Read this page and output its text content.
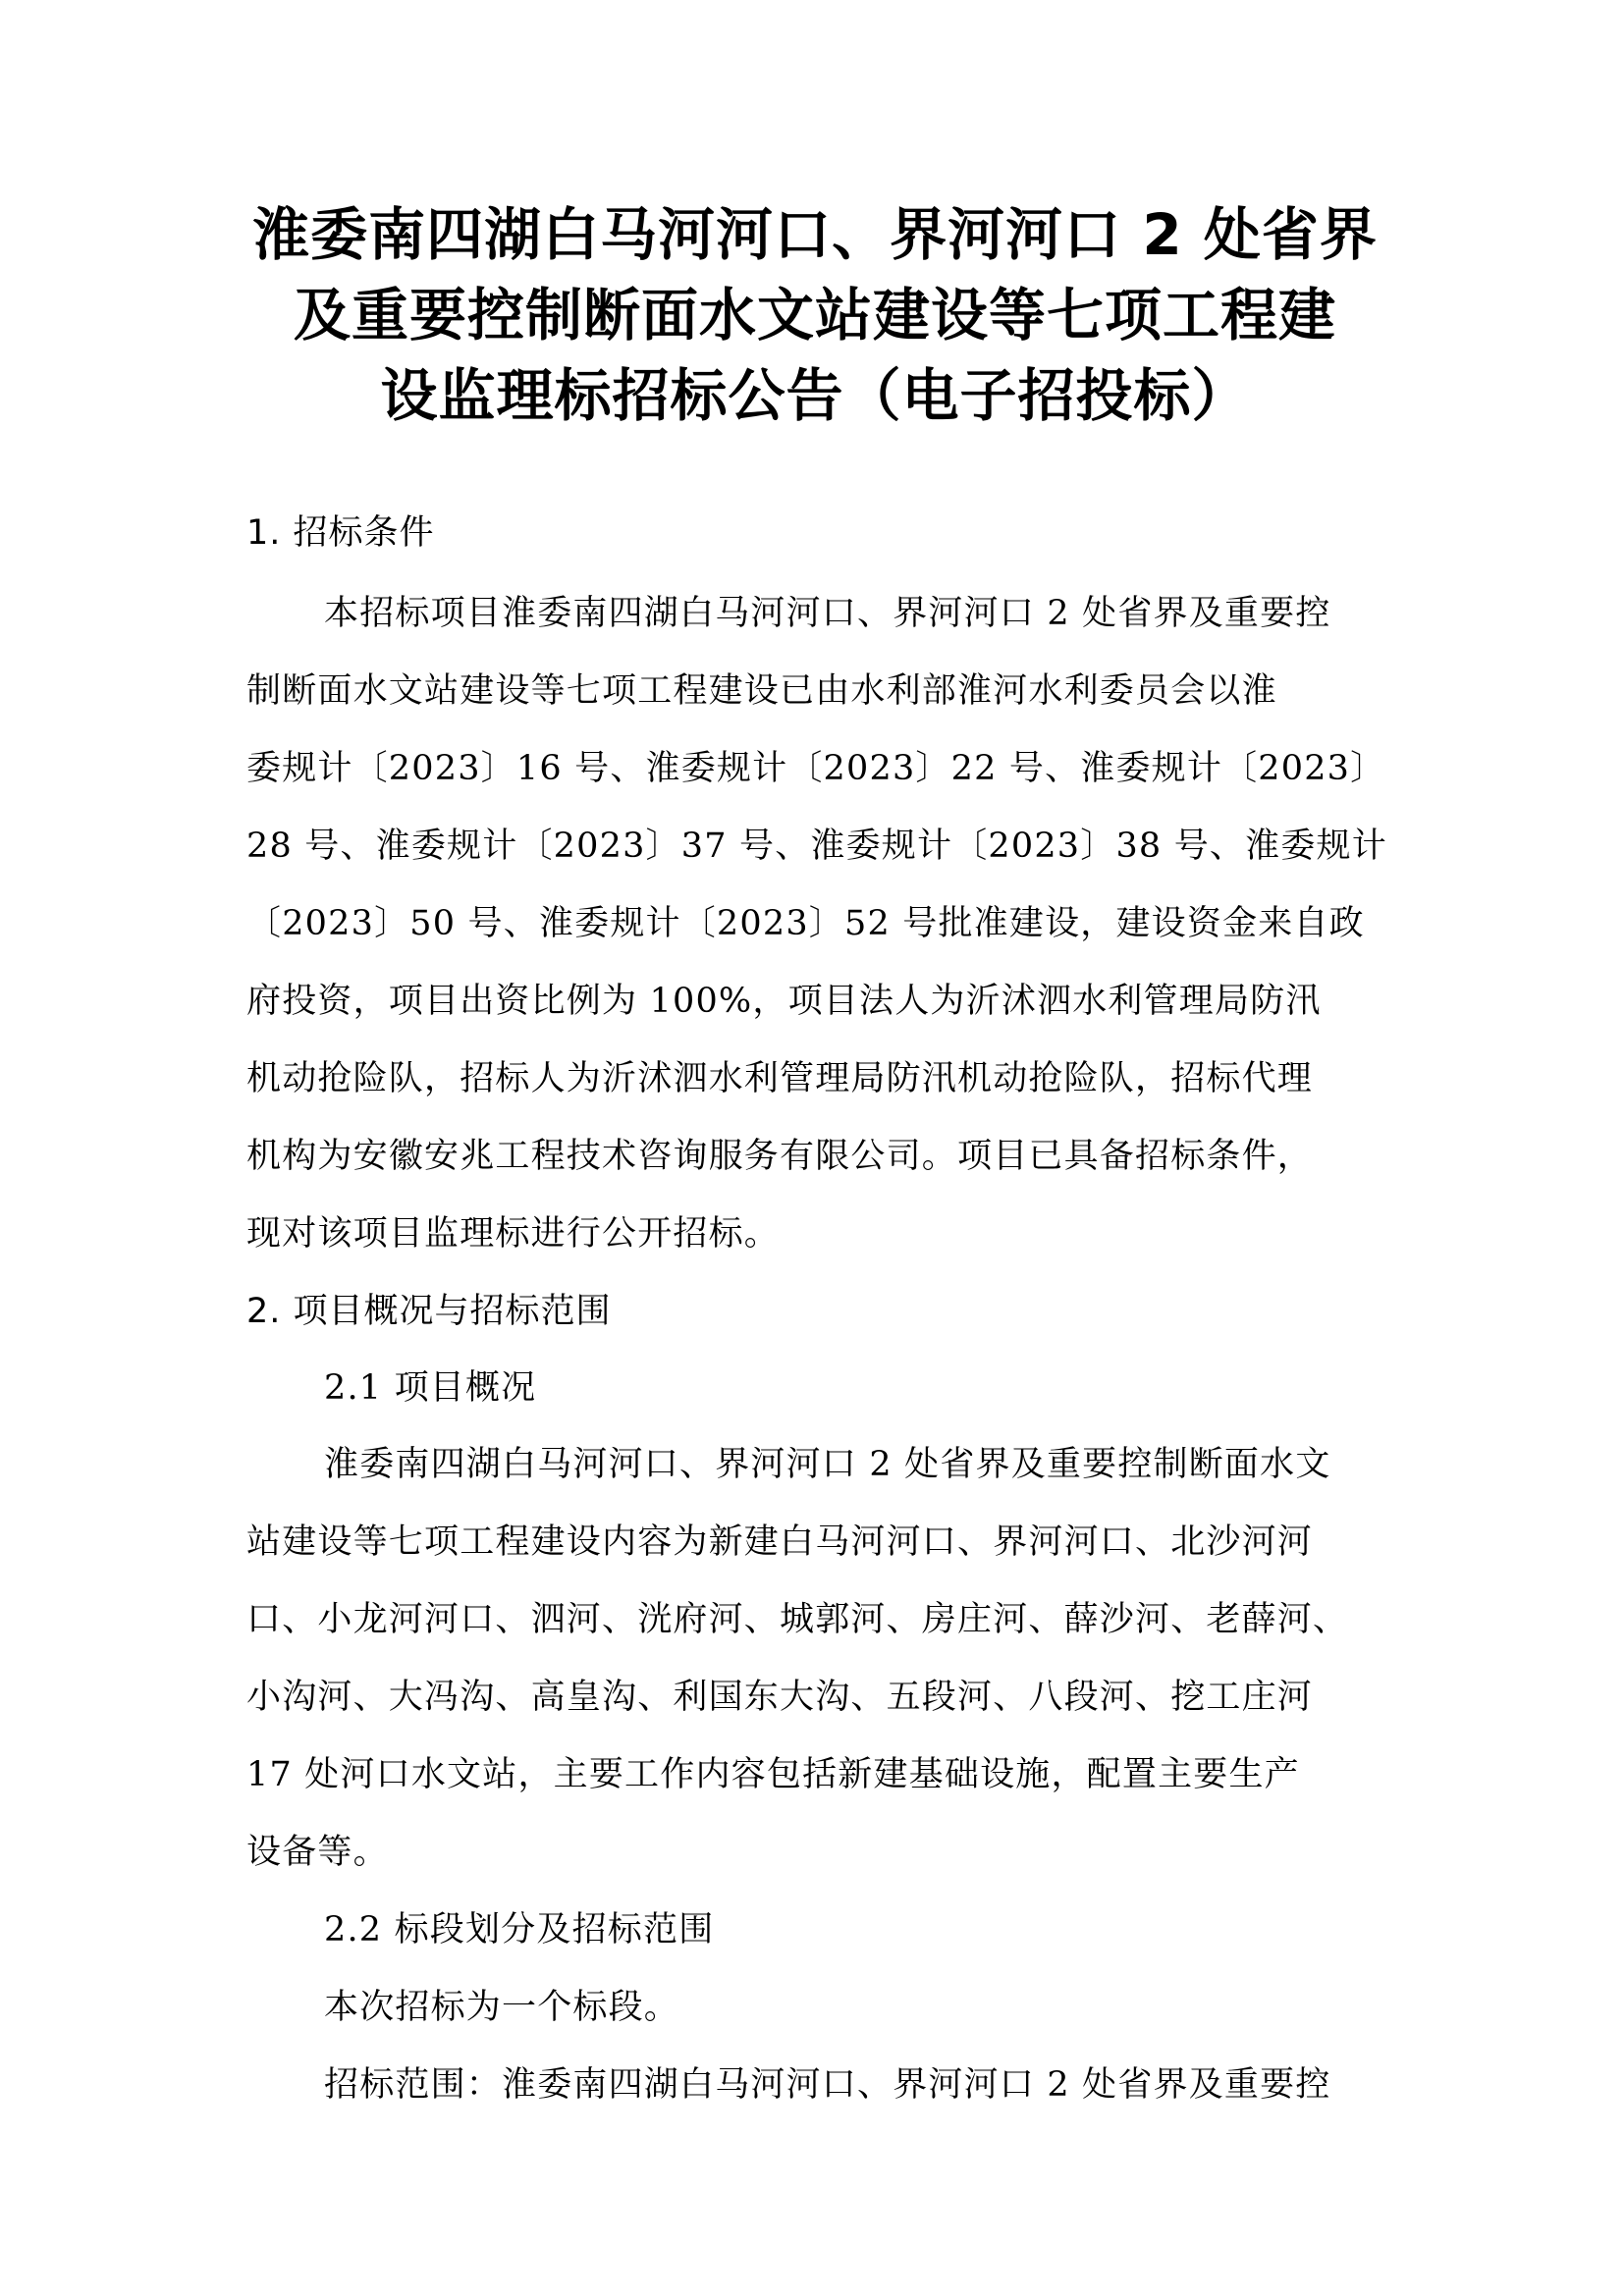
淮委南四湖白马河河口、界河河口 2 处省界
及重要控制断面水文站建设等七项工程建
设监理标招标公告（电子招投标）
1. 招标条件
本招标项目淮委南四湖白马河河口、界河河口 2 处省界及重要控
制断面水文站建设等七项工程建设已由水利部淮河水利委员会以淮
委规计〔2023〕16 号、淮委规计〔2023〕22 号、淮委规计〔2023〕
28 号、淮委规计〔2023〕37 号、淮委规计〔2023〕38 号、淮委规计
〔2023〕50 号、淮委规计〔2023〕52 号批准建设，建设资金来自政
府投资，项目出资比例为 100%，项目法人为沂沭泗水利管理局防汛
机动抢险队，招标人为沂沭泗水利管理局防汛机动抢险队，招标代理
机构为安徽安兆工程技术咨询服务有限公司。项目已具备招标条件，
现对该项目监理标进行公开招标。
2. 项目概况与招标范围
2.1 项目概况
淮委南四湖白马河河口、界河河口 2 处省界及重要控制断面水文
站建设等七项工程建设内容为新建白马河河口、界河河口、北沙河河
口、小龙河河口、泗河、洸府河、城郭河、房庄河、薛沙河、老薛河、
小沟河、大冯沟、高皇沟、利国东大沟、五段河、八段河、挖工庄河
17 处河口水文站，主要工作内容包括新建基础设施，配置主要生产
设备等。
2.2 标段划分及招标范围
本次招标为一个标段。
招标范围：淮委南四湖白马河河口、界河河口 2 处省界及重要控
